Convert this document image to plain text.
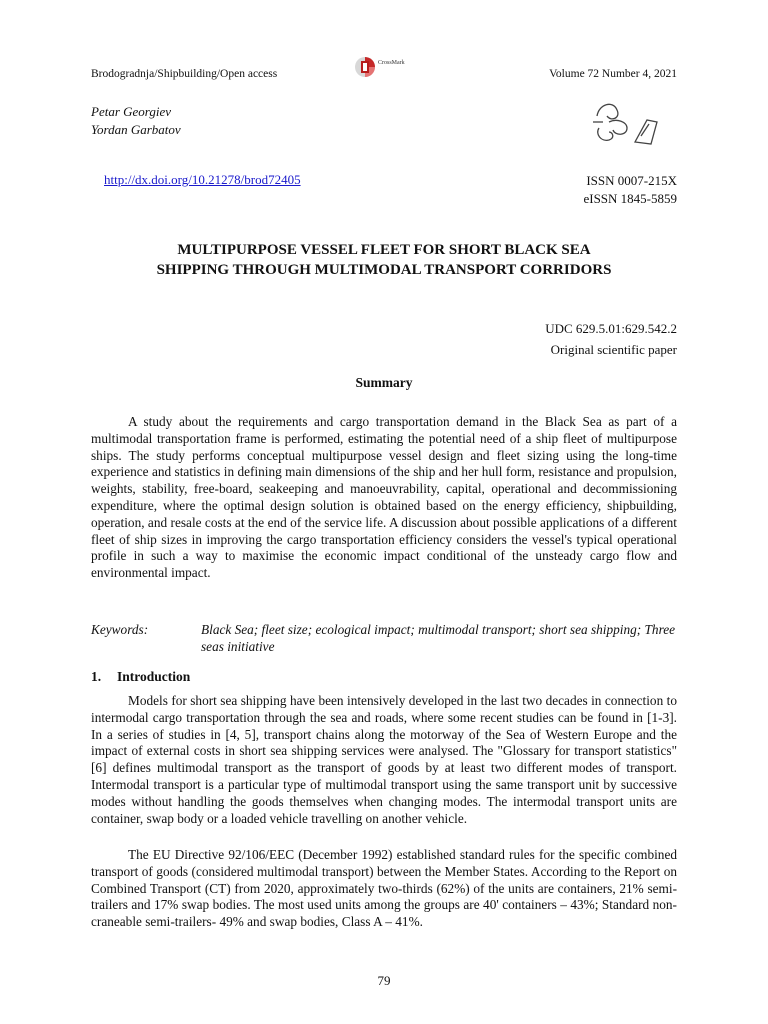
Brodogradnja/Shipbuilding/Open access
CrossMark
Volume 72 Number 4, 2021
Petar Georgiev
Yordan Garbatov
http://dx.doi.org/10.21278/brod72405	ISSN 0007-215X
eISSN 1845-5859
MULTIPURPOSE VESSEL FLEET FOR SHORT BLACK SEA
SHIPPING THROUGH MULTIMODAL TRANSPORT CORRIDORS
UDC 629.5.01:629.542.2
Original scientific paper
Summary

A study about the requirements and cargo transportation demand in the Black Sea as part of a multimodal transportation frame is performed, estimating the potential need of a ship fleet of multipurpose ships. The study performs conceptual multipurpose vessel design and fleet sizing using the long-time experience and statistics in defining main dimensions of the ship and her hull form, resistance and propulsion, weights, stability, free-board, seakeeping and manoeuvrability, capital, operational and decommissioning expenditure, where the optimal design solution is obtained based on the energy efficiency, shipbuilding, operation, and resale costs at the end of the service life. A discussion about possible applications of a different fleet of ship sizes in improving the cargo transportation efficiency considers the vessel's typical operational profile in such a way to maximise the economic impact conditional of the unsteady cargo flow and environmental impact.

Keywords:	Black Sea; fleet size; ecological impact; multimodal transport; short sea shipping; Three seas initiative
1. Introduction

Models for short sea shipping have been intensively developed in the last two decades in connection to intermodal cargo transportation through the sea and roads, where some recent studies can be found in [1-3]. In a series of studies in [4, 5], transport chains along the motorway of the Sea of Western Europe and the impact of external costs in short sea shipping services were analysed. The "Glossary for transport statistics" [6] defines multimodal transport as the transport of goods by at least two different modes of transport. Intermodal transport is a particular type of multimodal transport using the same transport unit by successive modes without handling the goods themselves when changing modes. The intermodal transport units are container, swap body or a loaded vehicle travelling on another vehicle.

The EU Directive 92/106/EEC (December 1992) established standard rules for the specific combined transport of goods (considered multimodal transport) between the Member States. According to the Report on Combined Transport (CT) from 2020, approximately two-thirds (62%) of the units are containers, 21% semi-trailers and 17% swap bodies. The most used units among the groups are 40' containers – 43%; Standard non-craneable semi-trailers- 49% and swap bodies, Class A – 41%.

79
